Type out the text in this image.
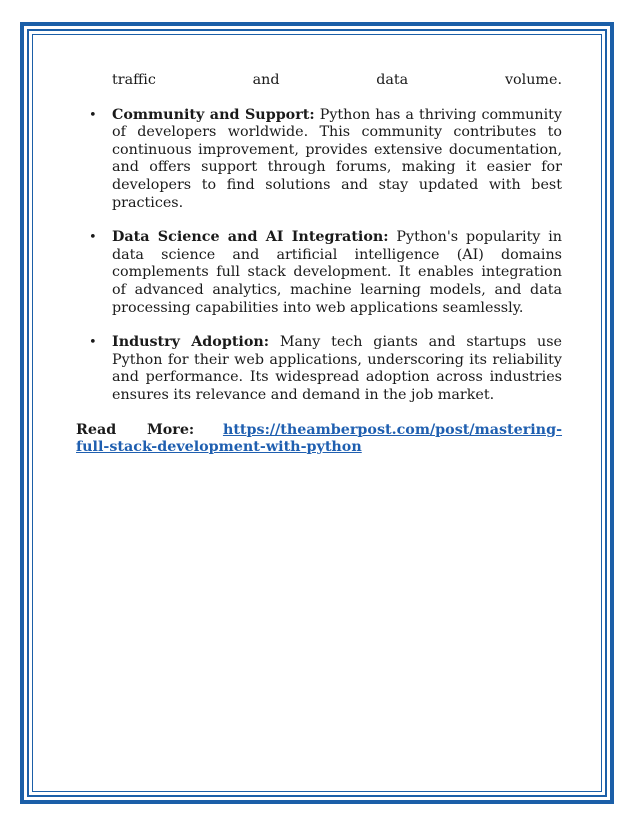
traffic and data volume.
• Community and Support: Python has a thriving community of developers worldwide. This community contributes to continuous improvement, provides extensive documentation, and offers support through forums, making it easier for developers to find solutions and stay updated with best practices.
• Data Science and AI Integration: Python's popularity in data science and artificial intelligence (AI) domains complements full stack development. It enables integration of advanced analytics, machine learning models, and data processing capabilities into web applications seamlessly.
• Industry Adoption: Many tech giants and startups use Python for their web applications, underscoring its reliability and performance. Its widespread adoption across industries ensures its relevance and demand in the job market.
Read More: https://theamberpost.com/post/mastering-full-stack-development-with-python
